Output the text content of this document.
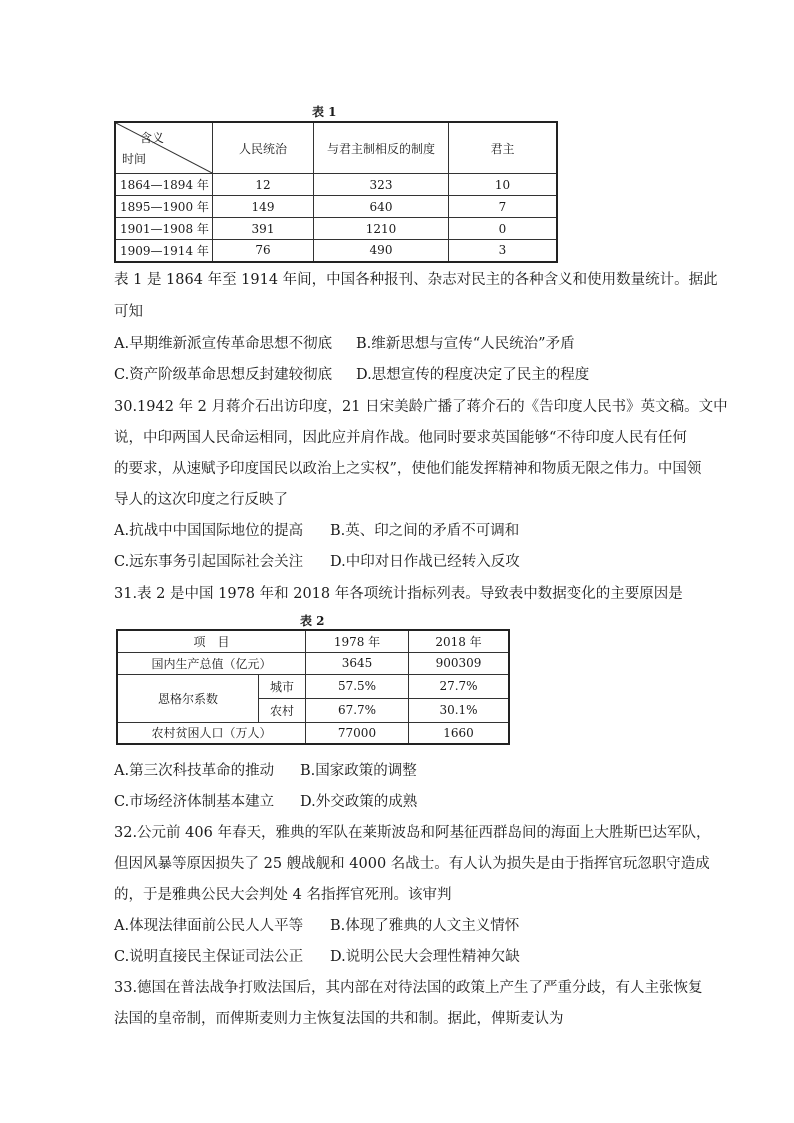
表 1
含义
时间	人民统治	与君主制相反的制度	君主
1864—1894 年	12	323	10
1895—1900 年	149	640	7
1901—1908 年	391	1210	0
1909—1914 年	76	490	3
表 1 是 1864 年至 1914 年间，中国各种报刊、杂志对民主的各种含义和使用数量统计。据此
可知
A.早期维新派宣传革命思想不彻底 B.维新思想与宣传“人民统治”矛盾
C.资产阶级革命思想反封建较彻底 D.思想宣传的程度决定了民主的程度
30.1942 年 2 月蒋介石出访印度，21 日宋美龄广播了蒋介石的《告印度人民书》英文稿。文中
说，中印两国人民命运相同，因此应并肩作战。他同时要求英国能够“不待印度人民有任何
的要求，从速赋予印度国民以政治上之实权”，使他们能发挥精神和物质无限之伟力。中国领
导人的这次印度之行反映了
A.抗战中中国国际地位的提高 B.英、印之间的矛盾不可调和
C.远东事务引起国际社会关注 D.中印对日作战已经转入反攻
31.表 2 是中国 1978 年和 2018 年各项统计指标列表。导致表中数据变化的主要原因是
表 2
项　目		1978 年	2018 年
国内生产总值（亿元）		3645	900309
恩格尔系数	城市	57.5%	27.7%
	农村	67.7%	30.1%
农村贫困人口（万人）		77000	1660
A.第三次科技革命的推动 B.国家政策的调整
C.市场经济体制基本建立 D.外交政策的成熟
32.公元前 406 年春天，雅典的军队在莱斯波岛和阿基征西群岛间的海面上大胜斯巴达军队，
但因风暴等原因损失了 25 艘战舰和 4000 名战士。有人认为损失是由于指挥官玩忽职守造成
的，于是雅典公民大会判处 4 名指挥官死刑。该审判
A.体现法律面前公民人人平等 B.体现了雅典的人文主义情怀
C.说明直接民主保证司法公正 D.说明公民大会理性精神欠缺
33.德国在普法战争打败法国后，其内部在对待法国的政策上产生了严重分歧，有人主张恢复
法国的皇帝制，而俾斯麦则力主恢复法国的共和制。据此，俾斯麦认为
